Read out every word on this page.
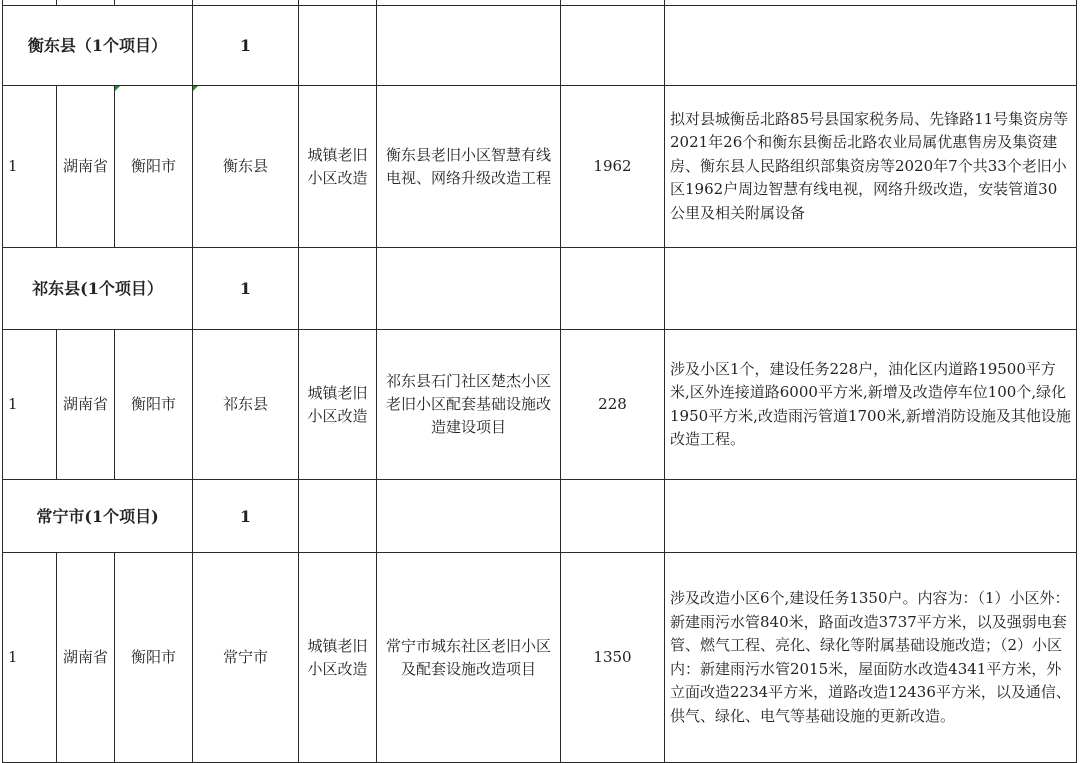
衡东县（1个项目）			1				
1	湖南省	衡阳市	衡东县	城镇老旧小区改造	衡东县老旧小区智慧有线电视、网络升级改造工程	1962	拟对县城衡岳北路85号县国家税务局、先锋路11号集资房等2021年26个和衡东县衡岳北路农业局属优惠售房及集资建房、衡东县人民路组织部集资房等2020年7个共33个老旧小区1962户周边智慧有线电视，网络升级改造，安装管道30公里及相关附属设备
祁东县(1个项目）			1				
1	湖南省	衡阳市	祁东县	城镇老旧小区改造	祁东县石门社区楚杰小区老旧小区配套基础设施改造建设项目	228	涉及小区1个，建设任务228户，油化区内道路19500平方米,区外连接道路6000平方米,新增及改造停车位100个,绿化1950平方米,改造雨污管道1700米,新增消防设施及其他设施改造工程。
常宁市(1个项目)			1				
1	湖南省	衡阳市	常宁市	城镇老旧小区改造	常宁市城东社区老旧小区及配套设施改造项目	1350	涉及改造小区6个,建设任务1350户。内容为：（1）小区外：新建雨污水管840米，路面改造3737平方米，以及强弱电套管、燃气工程、亮化、绿化等附属基础设施改造；（2）小区内：新建雨污水管2015米，屋面防水改造4341平方米，外立面改造2234平方米，道路改造12436平方米，以及通信、供气、绿化、电气等基础设施的更新改造。
